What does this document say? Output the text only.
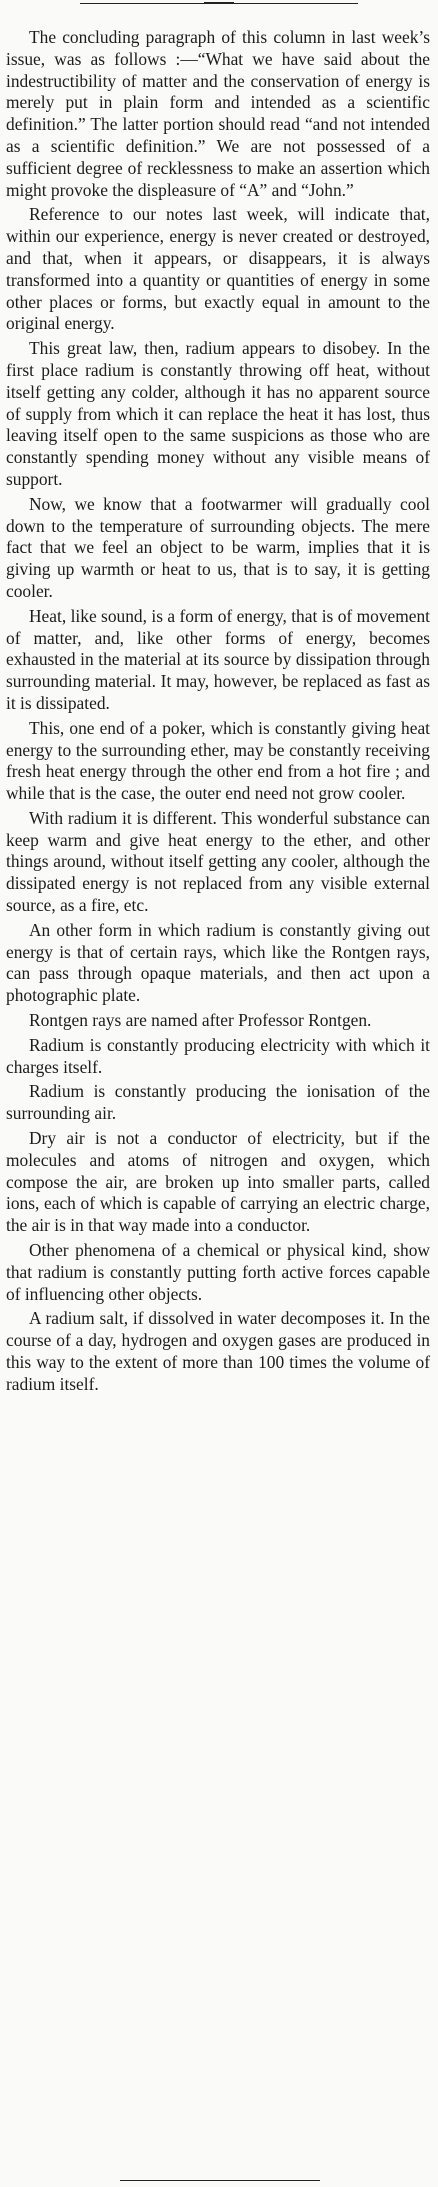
The concluding paragraph of this column in last week’s issue, was as follows :—“What we have said about the indestructibility of matter and the conservation of energy is merely put in plain form and intended as a scientific definition.” The latter portion should read “and not intended as a scientific definition.” We are not possessed of a sufficient degree of recklessness to make an assertion which might provoke the displeasure of “A” and “John.”

Reference to our notes last week, will indicate that, within our experience, energy is never created or destroyed, and that, when it appears, or disappears, it is always transformed into a quantity or quantities of energy in some other places or forms, but exactly equal in amount to the original energy.

This great law, then, radium appears to disobey. In the first place radium is constantly throwing off heat, without itself getting any colder, although it has no apparent source of supply from which it can replace the heat it has lost, thus leaving itself open to the same suspicions as those who are constantly spending money without any visible means of support.

Now, we know that a footwarmer will gradually cool down to the temperature of surrounding objects. The mere fact that we feel an object to be warm, implies that it is giving up warmth or heat to us, that is to say, it is getting cooler.

Heat, like sound, is a form of energy, that is of movement of matter, and, like other forms of energy, becomes exhausted in the material at its source by dissipation through surrounding material. It may, however, be replaced as fast as it is dissipated.

This, one end of a poker, which is constantly giving heat energy to the surrounding ether, may be constantly receiving fresh heat energy through the other end from a hot fire ; and while that is the case, the outer end need not grow cooler.

With radium it is different. This wonderful substance can keep warm and give heat energy to the ether, and other things around, without itself getting any cooler, although the dissipated energy is not replaced from any visible external source, as a fire, etc.

An other form in which radium is constantly giving out energy is that of certain rays, which like the Rontgen rays, can pass through opaque materials, and then act upon a photographic plate.

Rontgen rays are named after Professor Rontgen.

Radium is constantly producing electricity with which it charges itself.

Radium is constantly producing the ionisation of the surrounding air.

Dry air is not a conductor of electricity, but if the molecules and atoms of nitrogen and oxygen, which compose the air, are broken up into smaller parts, called ions, each of which is capable of carrying an electric charge, the air is in that way made into a conductor.

Other phenomena of a chemical or physical kind, show that radium is constantly putting forth active forces capable of influencing other objects.

A radium salt, if dissolved in water decomposes it. In the course of a day, hydrogen and oxygen gases are produced in this way to the extent of more than 100 times the volume of radium itself.
